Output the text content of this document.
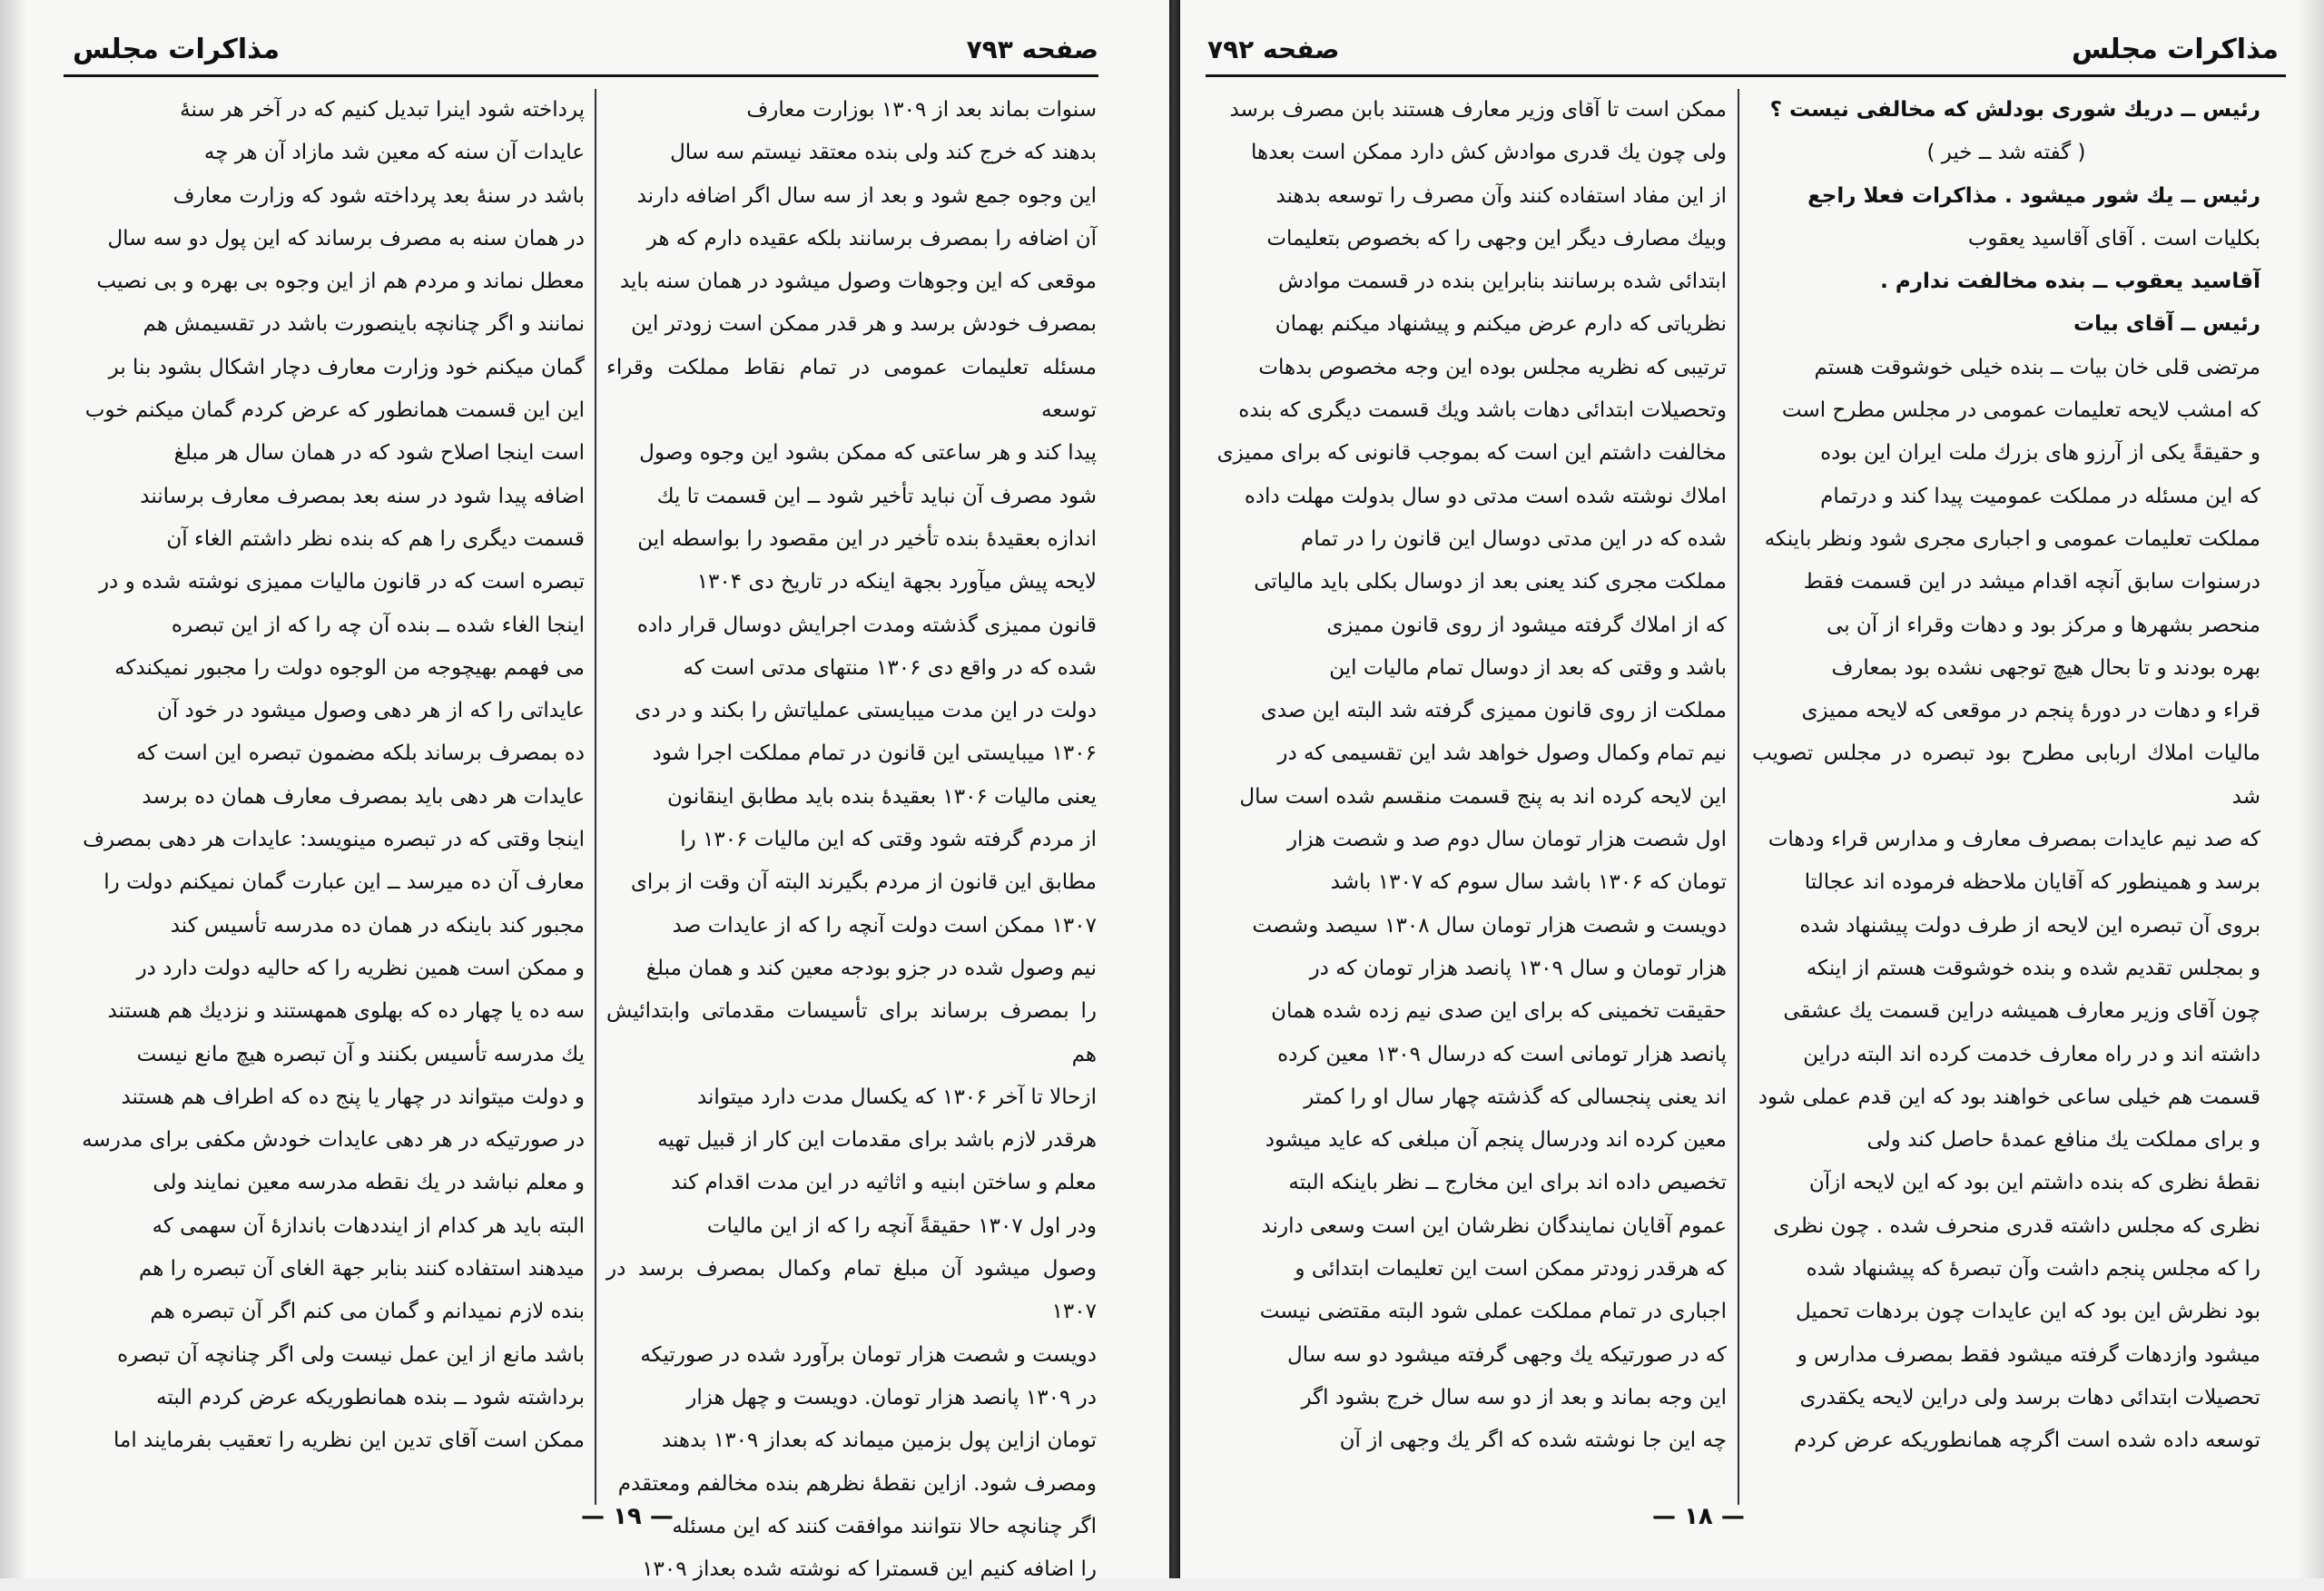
صفحه ۷۹۳
مذاكرات مجلس

سنوات بماند بعد از ۱۳۰۹ بوزارت معارف

بدهند كه خرج كند ولى بنده معتقد نيستم سه سال

اين وجوه جمع شود و بعد از سه سال اگر اضافه دارند

آن اضافه را بمصرف برسانند بلكه عقيده دارم كه هر

موقعى كه اين وجوهات وصول ميشود در همان سنه بايد

بمصرف خودش برسد و هر قدر ممكن است زودتر اين

مسئله تعليمات عمومى در تمام نقاط مملكت وقراء توسعه

پيدا كند و هر ساعتى كه ممكن بشود اين وجوه وصول

شود مصرف آن نبايد تأخير شود ــ اين قسمت تا يك

اندازه بعقيدهٔ بنده تأخير در اين مقصود را بواسطه اين

لايحه پيش ميآورد بجهة اينكه در تاريخ دى ۱۳۰۴

قانون مميزى گذشته ومدت اجرايش دوسال قرار داده

شده كه در واقع دى ۱۳۰۶ منتهاى مدتى است كه

دولت در اين مدت ميبايستى عملياتش را بكند و در دى

۱۳۰۶ ميبايستى اين قانون در تمام مملكت اجرا شود

يعنى ماليات ۱۳۰۶ بعقيدهٔ بنده بايد مطابق اينقانون

از مردم گرفته شود وقتى كه اين ماليات ۱۳۰۶ را

مطابق اين قانون از مردم بگيرند البته آن وقت از براى

۱۳۰۷ ممكن است دولت آنچه را كه از عايدات صد

نيم وصول شده در جزو بودجه معين كند و همان مبلغ

را بمصرف برساند براى تأسيسات مقدماتى وابتدائيش هم

ازحالا تا آخر ۱۳۰۶ كه يكسال مدت دارد ميتواند

هرقدر لازم باشد براى مقدمات اين كار از قبيل تهيه

معلم و ساختن ابنيه و اثاثيه در اين مدت اقدام كند

ودر اول ۱۳۰۷ حقيقةً آنچه را كه از اين ماليات

وصول ميشود آن مبلغ تمام وكمال بمصرف برسد در ۱۳۰۷

دويست و شصت هزار تومان برآورد شده در صورتيكه

در ۱۳۰۹ پانصد هزار تومان. دويست و چهل هزار

تومان ازاين پول بزمين ميماند كه بعداز ۱۳۰۹ بدهند

ومصرف شود. ازاين نقطهٔ نظرهم بنده مخالفم ومعتقدم

اگر چنانچه حالا نتوانند موافقت كنند كه اين مسئله

را اضافه كنيم اين قسمترا كه نوشته شده بعداز ۱۳۰۹

پرداخته شود اينرا تبديل كنيم كه در آخر هر سنهٔ

عايدات آن سنه كه معين شد مازاد آن هر چه

باشد در سنهٔ بعد پرداخته شود كه وزارت معارف

در همان سنه به مصرف برساند كه اين پول دو سه سال

معطل نماند و مردم هم از اين وجوه بى بهره و بى نصيب

نمانند و اگر چنانچه باينصورت باشد در تقسيمش هم

گمان ميكنم خود وزارت معارف دچار اشكال بشود بنا بر

اين اين قسمت همانطور كه عرض كردم گمان ميكنم خوب

است اينجا اصلاح شود كه در همان سال هر مبلغ

اضافه پيدا شود در سنه بعد بمصرف معارف برسانند

قسمت ديگرى را هم كه بنده نظر داشتم الغاء آن

تبصره است كه در قانون ماليات مميزى نوشته شده و در

اينجا الغاء شده ــ بنده آن چه را كه از اين تبصره

مى فهمم بهيچوجه من الوجوه دولت را مجبور نميكندكه

عايداتى را كه از هر دهى وصول ميشود در خود آن

ده بمصرف برساند بلكه مضمون تبصره اين است كه

عايدات هر دهى بايد بمصرف معارف همان ده برسد

اينجا وقتى كه در تبصره مينويسد: عايدات هر دهى بمصرف

معارف آن ده ميرسد ــ اين عبارت گمان نميكنم دولت را

مجبور كند باينكه در همان ده مدرسه تأسيس كند

و ممكن است همين نظريه را كه حاليه دولت دارد در

سه ده يا چهار ده كه بهلوى همهستند و نزديك هم هستند

يك مدرسه تأسيس بكنند و آن تبصره هيچ مانع نيست

و دولت ميتواند در چهار يا پنج ده كه اطراف هم هستند

در صورتيكه در هر دهى عايدات خودش مكفى براى مدرسه

و معلم نباشد در يك نقطه مدرسه معين نمايند ولى

البته بايد هر كدام از اينددهات باندازهٔ آن سهمى كه

ميدهند استفاده كنند بنابر جهة الغاى آن تبصره را هم

بنده لازم نميدانم و گمان مى كنم اگر آن تبصره هم

باشد مانع از اين عمل نيست ولى اگر چنانچه آن تبصره

برداشته شود ــ بنده همانطوريكه عرض كردم البته

ممكن است آقاى تدين اين نظريه را تعقيب بفرمايند اما

— ۱۹ —
مذاكرات مجلس
صفحه ۷۹۲

رئيس ــ دريك شورى بودلش كه مخالفى نيست ؟

( گفته شد ــ خير )

رئيس ــ يك شور ميشود . مذاكرات فعلا راجع

بكليات است . آقاى آقاسيد يعقوب

آقاسيد يعقوب ــ بنده مخالفت ندارم .

رئيس ــ آقاى بيات

مرتضى قلى خان بيات ــ بنده خيلى خوشوقت هستم

كه امشب لايحه تعليمات عمومى در مجلس مطرح است

و حقيقةً يكى از آرزو هاى بزرك ملت ايران اين بوده

كه اين مسئله در مملكت عموميت پيدا كند و درتمام

مملكت تعليمات عمومى و اجبارى مجرى شود ونظر باينكه

درسنوات سابق آنچه اقدام ميشد در اين قسمت فقط

منحصر بشهرها و مركز بود و دهات وقراء از آن بى

بهره بودند و تا بحال هيچ توجهى نشده بود بمعارف

قراء و دهات در دورهٔ پنجم در موقعى كه لايحه مميزى

ماليات املاك اربابى مطرح بود تبصره در مجلس تصويب شد

كه صد نيم عايدات بمصرف معارف و مدارس قراء ودهات

برسد و همينطور كه آقايان ملاحظه فرموده اند عجالتا

بروى آن تبصره اين لايحه از طرف دولت پيشنهاد شده

و بمجلس تقديم شده و بنده خوشوقت هستم از اينكه

چون آقاى وزير معارف هميشه دراين قسمت يك عشقى

داشته اند و در راه معارف خدمت كرده اند البته دراين

قسمت هم خيلى ساعى خواهند بود كه اين قدم عملى شود

و براى مملكت يك منافع عمدهٔ حاصل كند ولى

نقطهٔ نظرى كه بنده داشتم اين بود كه اين لايحه ازآن

نظرى كه مجلس داشته قدرى منحرف شده . چون نظرى

را كه مجلس پنجم داشت وآن تبصرهٔ كه پيشنهاد شده

بود نظرش اين بود كه اين عايدات چون بردهات تحميل

ميشود وازدهات گرفته ميشود فقط بمصرف مدارس و

تحصيلات ابتدائى دهات برسد ولى دراين لايحه يكقدرى

توسعه داده شده است اگرچه همانطوريكه عرض كردم

ممكن است تا آقاى وزير معارف هستند بابن مصرف برسد

ولى چون يك قدرى موادش كش دارد ممكن است بعدها

از اين مفاد استفاده كنند وآن مصرف را توسعه بدهند

وبيك مصارف ديگر اين وجهى را كه بخصوص بتعليمات

ابتدائى شده برسانند بنابراين بنده در قسمت موادش

نظرياتى كه دارم عرض ميكنم و پيشنهاد ميكنم بهمان

ترتيبى كه نظريه مجلس بوده اين وجه مخصوص بدهات

وتحصيلات ابتدائى دهات باشد ويك قسمت ديگرى كه بنده

مخالفت داشتم اين است كه بموجب قانونى كه براى مميزى

املاك نوشته شده است مدتى دو سال بدولت مهلت داده

شده كه در اين مدتى دوسال اين قانون را در تمام

مملكت مجرى كند يعنى بعد از دوسال بكلى بايد مالياتى

كه از املاك گرفته ميشود از روى قانون مميزى

باشد و وقتى كه بعد از دوسال تمام ماليات اين

مملكت از روى قانون مميزى گرفته شد البته اين صدى

نيم تمام وكمال وصول خواهد شد اين تقسيمى كه در

اين لايحه كرده اند به پنج قسمت منقسم شده است سال

اول شصت هزار تومان سال دوم صد و شصت هزار

تومان كه ۱۳۰۶ باشد سال سوم كه ۱۳۰۷ باشد

دويست و شصت هزار تومان سال ۱۳۰۸ سيصد وشصت

هزار تومان و سال ۱۳۰۹ پانصد هزار تومان كه در

حقيقت تخمينى كه براى اين صدى نيم زده شده همان

پانصد هزار تومانى است كه درسال ۱۳۰۹ معين كرده

اند يعنى پنجسالى كه گذشته چهار سال او را كمتر

معين كرده اند ودرسال پنجم آن مبلغى كه عايد ميشود

تخصيص داده اند براى اين مخارج ــ نظر باينكه البته

عموم آقايان نمايندگان نظرشان اين است وسعى دارند

كه هرقدر زودتر ممكن است اين تعليمات ابتدائى و

اجبارى در تمام مملكت عملى شود البته مقتضى نيست

كه در صورتيكه يك وجهى گرفته ميشود دو سه سال

اين وجه بماند و بعد از دو سه سال خرج بشود اگر

چه اين جا نوشته شده كه اگر يك وجهى از آن

— ۱۸ —
